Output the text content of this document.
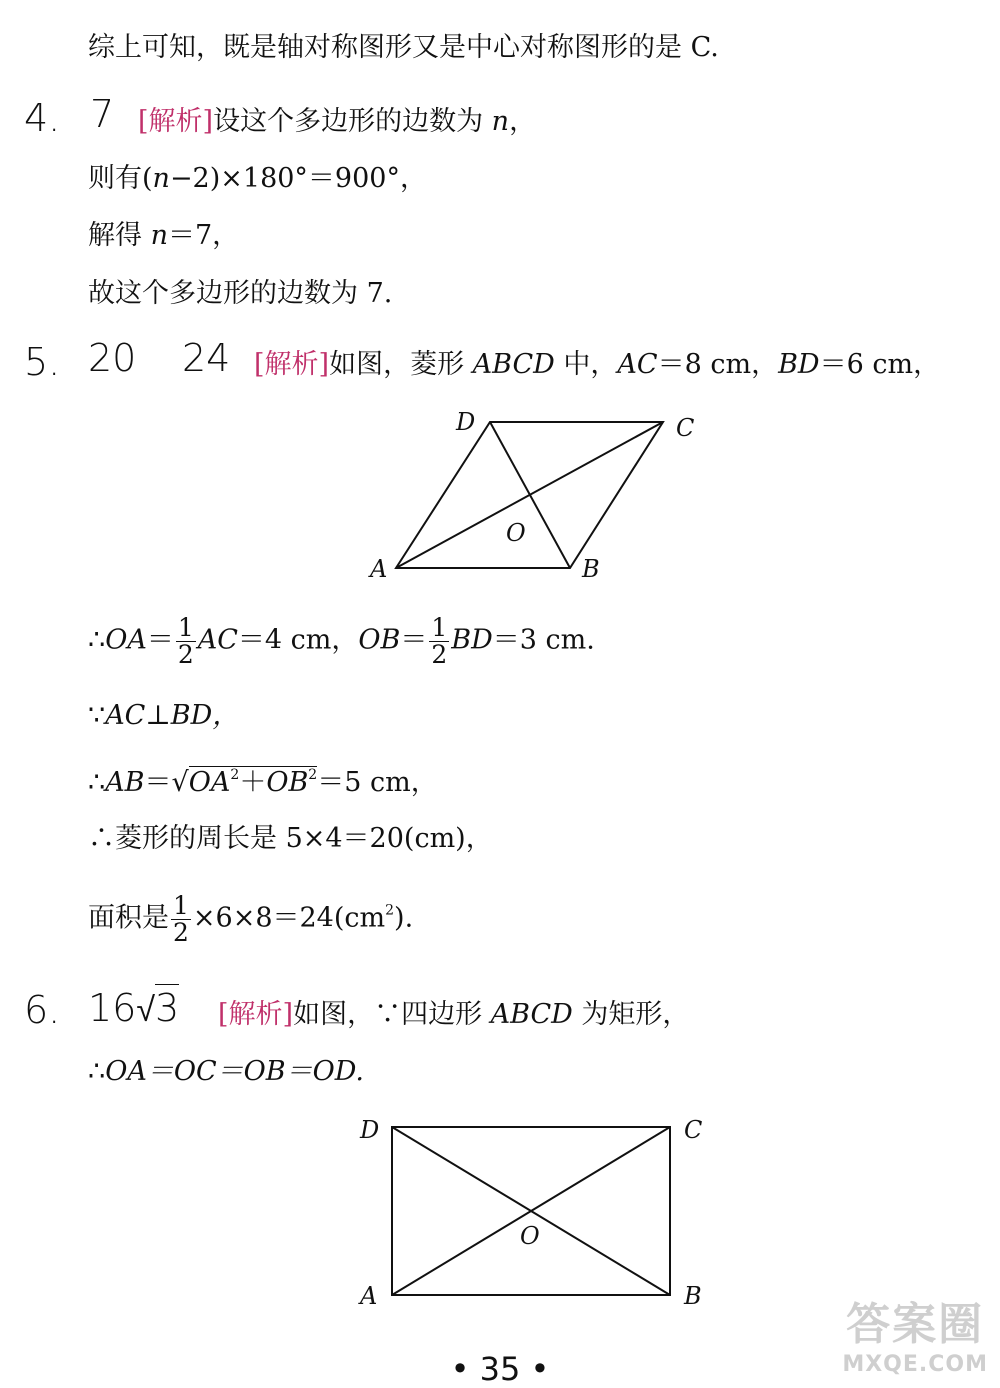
综上可知，既是轴对称图形又是中心对称图形的是 C.
4. 7 [解析]设这个多边形的边数为 n，
则有(n−2)×180°＝900°，
解得 n＝7，
故这个多边形的边数为 7.
5. 20 24 [解析]如图，菱形 ABCD 中，AC＝8 cm，BD＝6 cm，
D	C
A	B
O
∴OA＝ $\frac{1}{2} AC=4$ cm，$OB= \frac{1}{2} BD=3$ cm.
∵AC⊥BD，
$\therefore AB=√OA^2+OB^2=5$ cm，
∴菱形的周长是 5×4＝20(cm)，
面积是 $\frac{1}{2} \times 6\times 8=24(cm^2)$.
6. 16√3 [解析]如图，∵四边形 ABCD 为矩形，
∴OA＝OC＝OB＝OD.
D	C
A	B
O
• 35 •
答案圈
MXQE.COM
